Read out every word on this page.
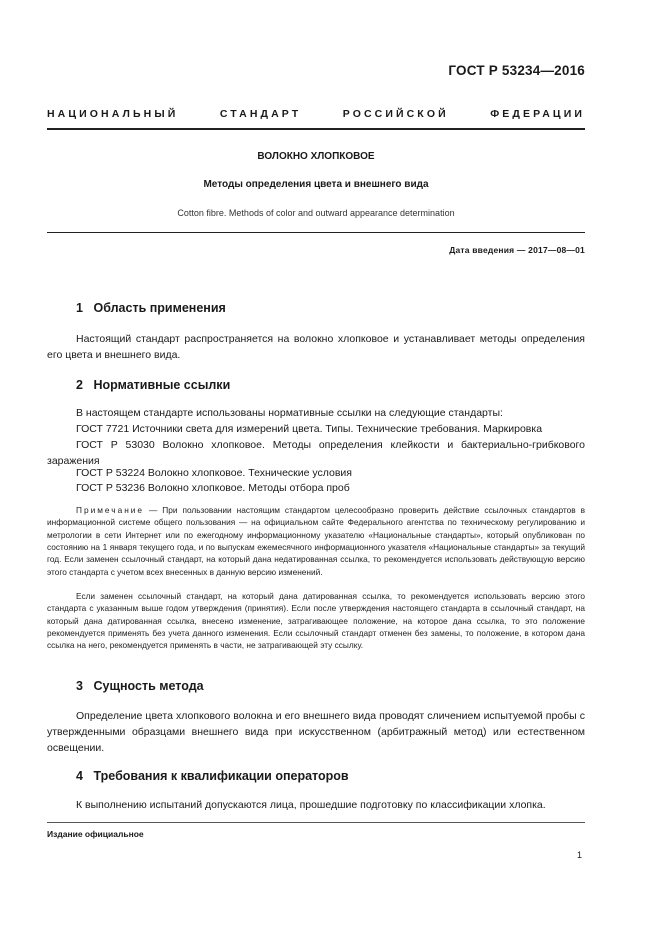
ГОСТ Р 53234—2016
НАЦИОНАЛЬНЫЙ	СТАНДАРТ	РОССИЙСКОЙ	ФЕДЕРАЦИИ
ВОЛОКНО ХЛОПКОВОЕ
Методы определения цвета и внешнего вида
Cotton fibre. Methods of color and outward appearance determination
Дата введения — 2017—08—01
1 Область применения
Настоящий стандарт распространяется на волокно хлопковое и устанавливает методы определения его цвета и внешнего вида.
2 Нормативные ссылки
В настоящем стандарте использованы нормативные ссылки на следующие стандарты:
ГОСТ 7721 Источники света для измерений цвета. Типы. Технические требования. Маркировка
ГОСТ Р 53030 Волокно хлопковое. Методы определения клейкости и бактериально-грибкового заражения
ГОСТ Р 53224 Волокно хлопковое. Технические условия
ГОСТ Р 53236 Волокно хлопковое. Методы отбора проб
Примечание — При пользовании настоящим стандартом целесообразно проверить действие ссылочных стандартов в информационной системе общего пользования — на официальном сайте Федерального агентства по техническому регулированию и метрологии в сети Интернет или по ежегодному информационному указателю «Национальные стандарты», который опубликован по состоянию на 1 января текущего года, и по выпускам ежемесячного информационного указателя «Национальные стандарты» за текущий год. Если заменен ссылочный стандарт, на который дана недатированная ссылка, то рекомендуется использовать действующую версию этого стандарта с учетом всех внесенных в данную версию изменений.
Если заменен ссылочный стандарт, на который дана датированная ссылка, то рекомендуется использовать версию этого стандарта с указанным выше годом утверждения (принятия). Если после утверждения настоящего стандарта в ссылочный стандарт, на который дана датированная ссылка, внесено изменение, затрагивающее положение, на которое дана ссылка, то это положение рекомендуется применять без учета данного изменения. Если ссылочный стандарт отменен без замены, то положение, в котором дана ссылка на него, рекомендуется применять в части, не затрагивающей эту ссылку.
3 Сущность метода
Определение цвета хлопкового волокна и его внешнего вида проводят сличением испытуемой пробы с утвержденными образцами внешнего вида при искусственном (арбитражный метод) или естественном освещении.
4 Требования к квалификации операторов
К выполнению испытаний допускаются лица, прошедшие подготовку по классификации хлопка.
Издание официальное
1
